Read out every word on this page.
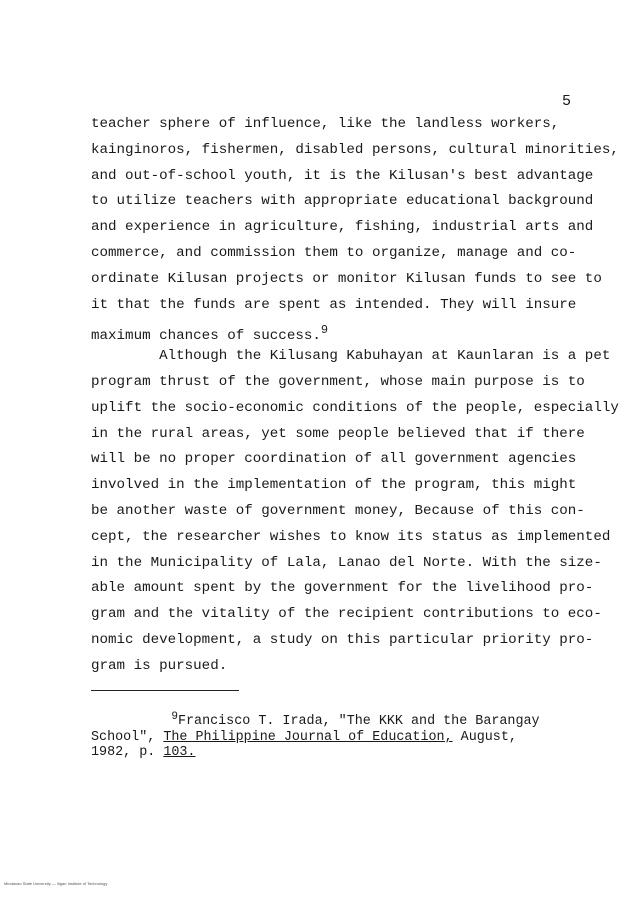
5
teacher sphere of influence, like the landless workers,
kainginoros, fishermen, disabled persons, cultural minorities,
and out-of-school youth, it is the Kilusan's best advantage
to utilize teachers with appropriate educational background
and experience in agriculture, fishing, industrial arts and
commerce, and commission them to organize, manage and co-
ordinate Kilusan projects or monitor Kilusan funds to see to
it that the funds are spent as intended. They will insure
maximum chances of success.$^9$
Although the Kilusang Kabuhayan at Kaunlaran is a pet
program thrust of the government, whose main purpose is to
uplift the socio-economic conditions of the people, especially
in the rural areas, yet some people believed that if there
will be no proper coordination of all government agencies
involved in the implementation of the program, this might
be another waste of government money, Because of this con-
cept, the researcher wishes to know its status as implemented
in the Municipality of Lala, Lanao del Norte. With the size-
able amount spent by the government for the livelihood pro-
gram and the vitality of the recipient contributions to eco-
nomic development, a study on this particular priority pro-
gram is pursued.
$^9$Francisco T. Irada, "The KKK and the Barangay
School", The Philippine Journal of Education, August,
1982, p. 103.
Mindanao State University — Iligan Institute of Technology
